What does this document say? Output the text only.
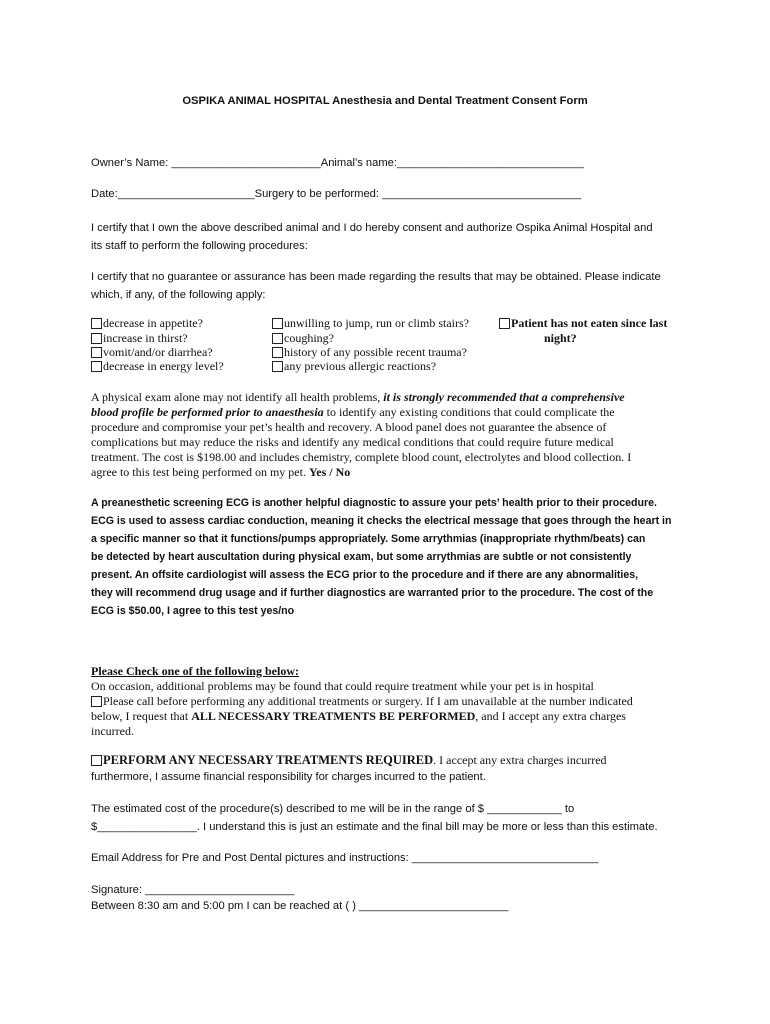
OSPIKA ANIMAL HOSPITAL Anesthesia and Dental Treatment Consent Form
Owner’s Name: ________________________Animal’s name:______________________________
Date:______________________Surgery to be performed: ________________________________
I certify that I own the above described animal and I do hereby consent and authorize Ospika Animal Hospital and
its staff to perform the following procedures:
I certify that no guarantee or assurance has been made regarding the results that may be obtained. Please indicate
which, if any, of the following apply:
decrease in appetite?
increase in thirst?
vomit/and/or diarrhea?
decrease in energy level?
unwilling to jump, run or climb stairs?
coughing?
history of any possible recent trauma?
any previous allergic reactions?
Patient has not eaten since last
night?
A physical exam alone may not identify all health problems, it is strongly recommended that a comprehensive
blood profile be performed prior to anaesthesia to identify any existing conditions that could complicate the
procedure and compromise your pet’s health and recovery. A blood panel does not guarantee the absence of
complications but may reduce the risks and identify any medical conditions that could require future medical
treatment. The cost is $198.00 and includes chemistry, complete blood count, electrolytes and blood collection. I
agree to this test being performed on my pet. Yes / No
A preanesthetic screening ECG is another helpful diagnostic to assure your pets’ health prior to their procedure.
ECG is used to assess cardiac conduction, meaning it checks the electrical message that goes through the heart in
a specific manner so that it functions/pumps appropriately. Some arrythmias (inappropriate rhythm/beats) can
be detected by heart auscultation during physical exam, but some arrythmias are subtle or not consistently
present. An offsite cardiologist will assess the ECG prior to the procedure and if there are any abnormalities,
they will recommend drug usage and if further diagnostics are warranted prior to the procedure. The cost of the
ECG is $50.00, I agree to this test yes/no
Please Check one of the following below:
On occasion, additional problems may be found that could require treatment while your pet is in hospital
Please call before performing any additional treatments or surgery. If I am unavailable at the number indicated
below, I request that ALL NECESSARY TREATMENTS BE PERFORMED, and I accept any extra charges
incurred.
PERFORM ANY NECESSARY TREATMENTS REQUIRED. I accept any extra charges incurred
furthermore, I assume financial responsibility for charges incurred to the patient.
The estimated cost of the procedure(s) described to me will be in the range of $ ____________ to
$________________. I understand this is just an estimate and the final bill may be more or less than this estimate.
Email Address for Pre and Post Dental pictures and instructions: ______________________________
Signature: ________________________
Between 8:30 am and 5:00 pm I can be reached at ( ) ________________________
